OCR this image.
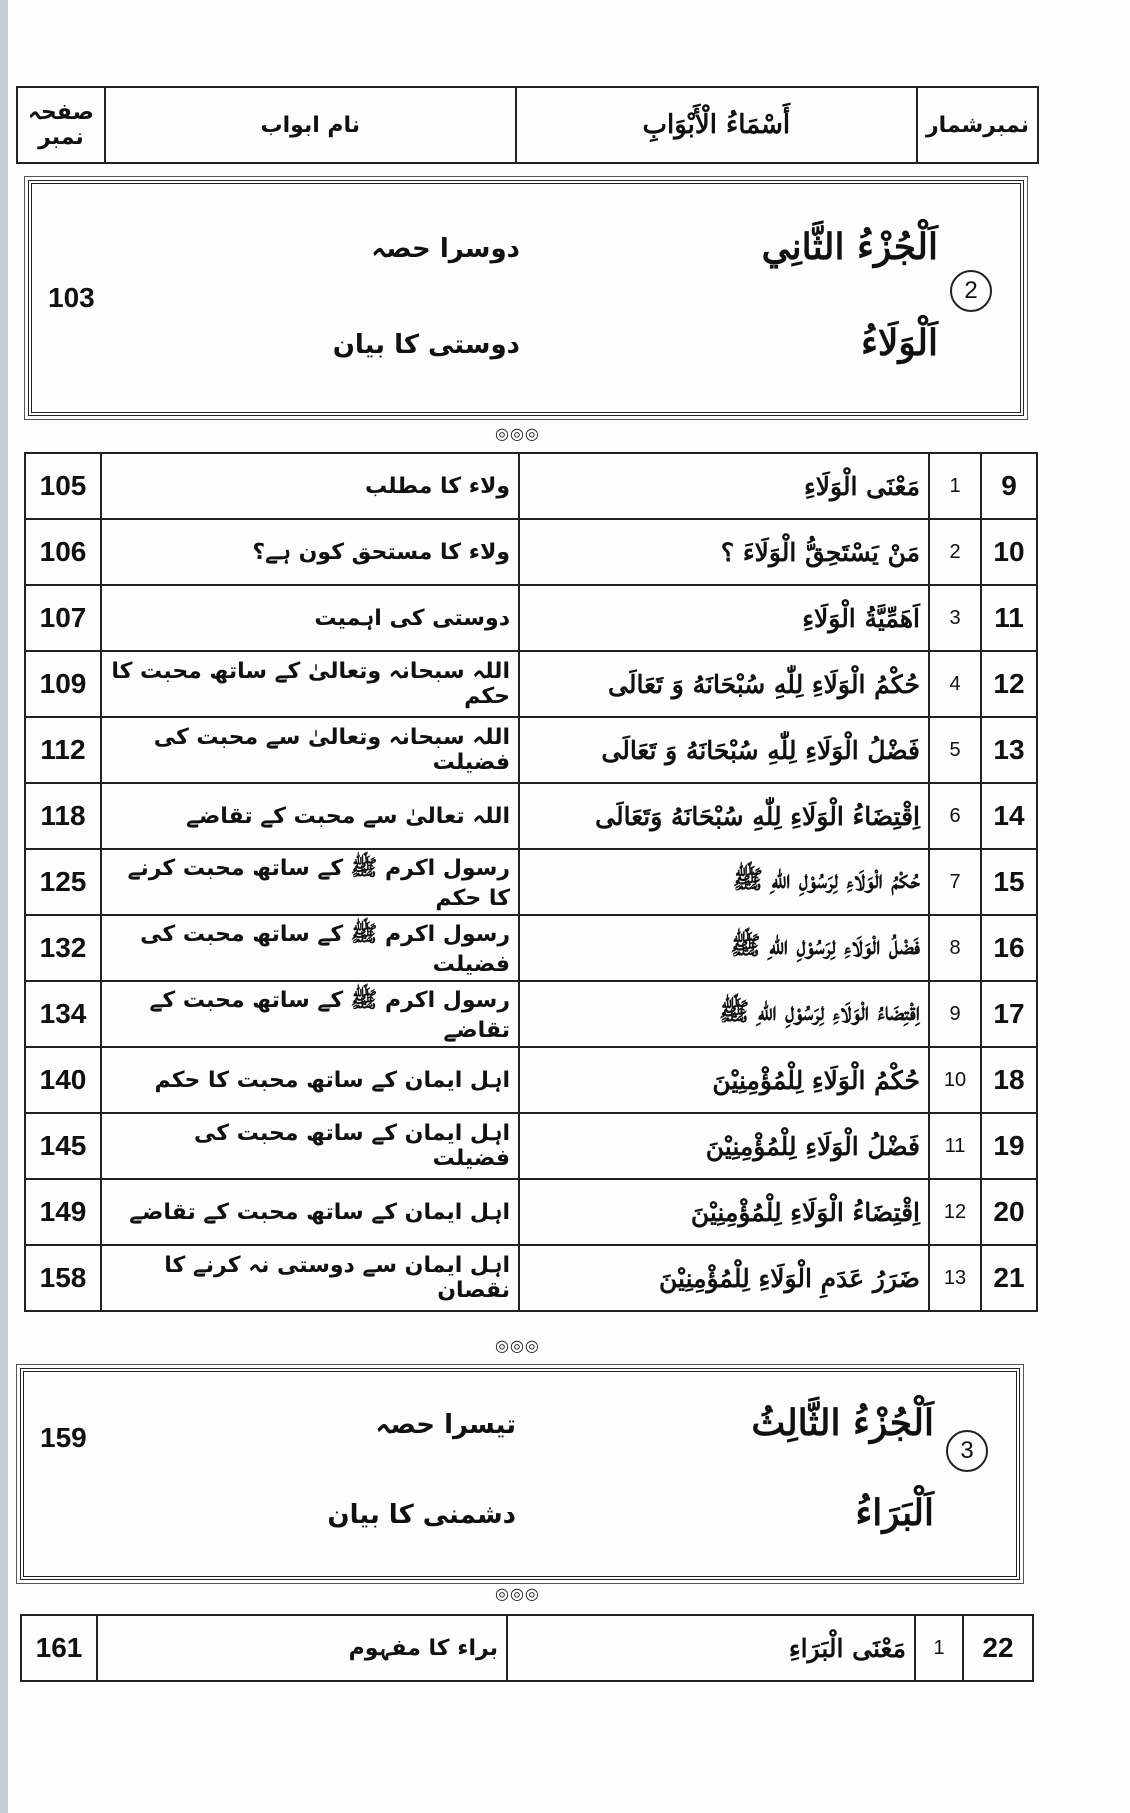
صفحہ نمبر	نام ابواب	أَسْمَاءُ الْأَبْوَابِ	نمبرشمار
103	2
اَلْجُزْءُ الثَّانِي
دوسرا حصہ
اَلْوَلَاءُ
دوستی کا بیان
◎◎◎
105	ولاء کا مطلب	مَعْنَى الْوَلَاءِ	1	9
106	ولاء کا مستحق کون ہے؟	مَنْ يَسْتَحِقُّ الْوَلَاءَ ؟	2	10
107	دوستی کی اہمیت	اَهَمِّيَّةُ الْوَلَاءِ	3	11
109	اللہ سبحانہ وتعالیٰ کے ساتھ محبت کا حکم	حُكْمُ الْوَلَاءِ لِلّٰهِ سُبْحَانَهُ وَ تَعَالَى	4	12
112	اللہ سبحانہ وتعالیٰ سے محبت کی فضیلت	فَضْلُ الْوَلَاءِ لِلّٰهِ سُبْحَانَهُ وَ تَعَالَى	5	13
118	اللہ تعالیٰ سے محبت کے تقاضے	اِقْتِضَاءُ الْوَلَاءِ لِلّٰهِ سُبْحَانَهُ وَتَعَالَى	6	14
125	رسول اکرم ﷺ کے ساتھ محبت کرنے کا حکم	حُكْمُ الْوَلَاءِ لِرَسُوْلِ اللّٰهِ ﷺ	7	15
132	رسول اکرم ﷺ کے ساتھ محبت کی فضیلت	فَضْلُ الْوَلَاءِ لِرَسُوْلِ اللّٰهِ ﷺ	8	16
134	رسول اکرم ﷺ کے ساتھ محبت کے تقاضے	اِقْتِضَاءُ الْوَلَاءِ لِرَسُوْلِ اللّٰهِ ﷺ	9	17
140	اہل ایمان کے ساتھ محبت کا حکم	حُكْمُ الْوَلَاءِ لِلْمُؤْمِنِيْنَ	10	18
145	اہل ایمان کے ساتھ محبت کی فضیلت	فَضْلُ الْوَلَاءِ لِلْمُؤْمِنِيْنَ	11	19
149	اہل ایمان کے ساتھ محبت کے تقاضے	اِقْتِضَاءُ الْوَلَاءِ لِلْمُؤْمِنِيْنَ	12	20
158	اہل ایمان سے دوستی نہ کرنے کا نقصان	ضَرَرُ عَدَمِ الْوَلَاءِ لِلْمُؤْمِنِيْنَ	13	21
◎◎◎
159	3
اَلْجُزْءُ الثَّالِثُ
تیسرا حصہ
اَلْبَرَاءُ
دشمنی کا بیان
◎◎◎
161	براء کا مفہوم	مَعْنَى الْبَرَاءِ	1	22
